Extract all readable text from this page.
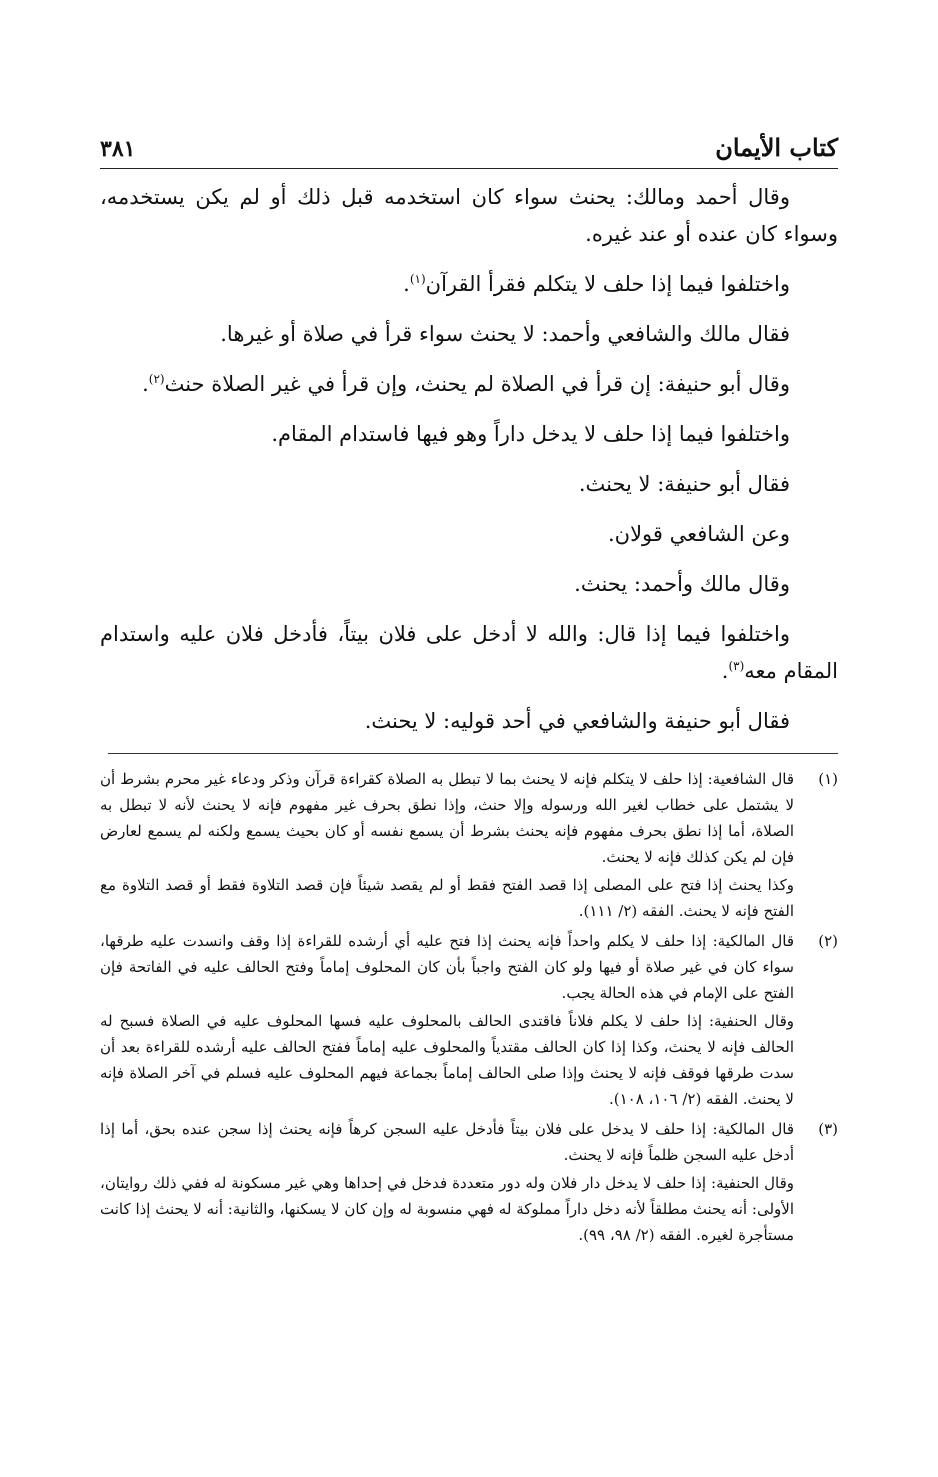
كتاب الأيمان
٣٨١

وقال أحمد ومالك: يحنث سواء كان استخدمه قبل ذلك أو لم يكن يستخدمه، وسواء كان عنده أو عند غيره.

واختلفوا فيما إذا حلف لا يتكلم فقرأ القرآن$^{(١)}$.

فقال مالك والشافعي وأحمد: لا يحنث سواء قرأ في صلاة أو غيرها.

وقال أبو حنيفة: إن قرأ في الصلاة لم يحنث، وإن قرأ في غير الصلاة حنث$^{(٢)}$.

واختلفوا فيما إذا حلف لا يدخل داراً وهو فيها فاستدام المقام.

فقال أبو حنيفة: لا يحنث.

وعن الشافعي قولان.

وقال مالك وأحمد: يحنث.

واختلفوا فيما إذا قال: والله لا أدخل على فلان بيتاً، فأدخل فلان عليه واستدام المقام معه$^{(٣)}$.

فقال أبو حنيفة والشافعي في أحد قوليه: لا يحنث.

(١)

قال الشافعية: إذا حلف لا يتكلم فإنه لا يحنث بما لا تبطل به الصلاة كقراءة قرآن وذكر ودعاء غير محرم بشرط أن لا يشتمل على خطاب لغير الله ورسوله وإلا حنث، وإذا نطق بحرف غير مفهوم فإنه لا يحنث لأنه لا تبطل به الصلاة، أما إذا نطق بحرف مفهوم فإنه يحنث بشرط أن يسمع نفسه أو كان بحيث يسمع ولكنه لم يسمع لعارض فإن لم يكن كذلك فإنه لا يحنث.

وكذا يحنث إذا فتح على المصلى إذا قصد الفتح فقط أو لم يقصد شيئاً فإن قصد التلاوة فقط أو قصد التلاوة مع الفتح فإنه لا يحنث. الفقه (٢/ ١١١).

(٢)

قال المالكية: إذا حلف لا يكلم واحداً فإنه يحنث إذا فتح عليه أي أرشده للقراءة إذا وقف وانسدت عليه طرقها، سواء كان في غير صلاة أو فيها ولو كان الفتح واجباً بأن كان المحلوف إماماً وفتح الحالف عليه في الفاتحة فإن الفتح على الإمام في هذه الحالة يجب.

وقال الحنفية: إذا حلف لا يكلم فلاناً فاقتدى الحالف بالمحلوف عليه فسها المحلوف عليه في الصلاة فسبح له الحالف فإنه لا يحنث، وكذا إذا كان الحالف مقتدياً والمحلوف عليه إماماً ففتح الحالف عليه أرشده للقراءة بعد أن سدت طرقها فوقف فإنه لا يحنث وإذا صلى الحالف إماماً بجماعة فيهم المحلوف عليه فسلم في آخر الصلاة فإنه لا يحنث. الفقه (٢/ ١٠٦، ١٠٨).

(٣)

قال المالكية: إذا حلف لا يدخل على فلان بيتاً فأدخل عليه السجن كرهاً فإنه يحنث إذا سجن عنده بحق، أما إذا أدخل عليه السجن ظلماً فإنه لا يحنث.

وقال الحنفية: إذا حلف لا يدخل دار فلان وله دور متعددة فدخل في إحداها وهي غير مسكونة له ففي ذلك روايتان، الأولى: أنه يحنث مطلقاً لأنه دخل داراً مملوكة له فهي منسوبة له وإن كان لا يسكنها، والثانية: أنه لا يحنث إذا كانت مستأجرة لغيره. الفقه (٢/ ٩٨، ٩٩).
